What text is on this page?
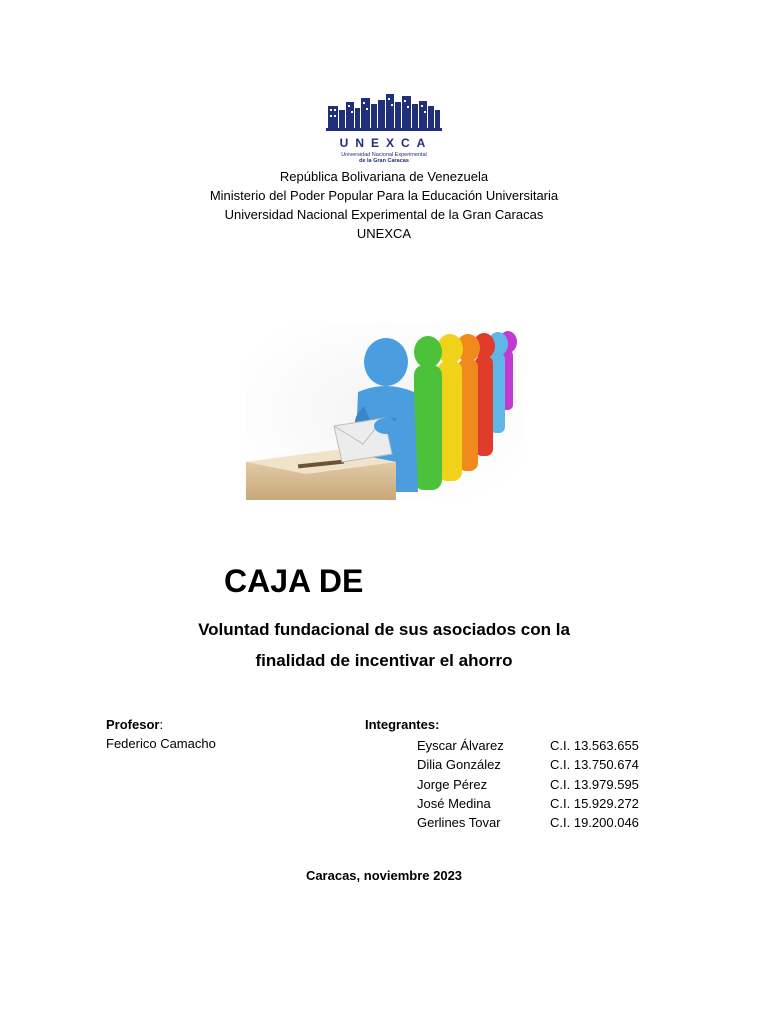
UNEXCA
Universidad Nacional Experimental
de la Gran Caracas
República Bolivariana de Venezuela
Ministerio del Poder Popular Para la Educación Universitaria
Universidad Nacional Experimental de la Gran Caracas
UNEXCA
CAJA DE
Voluntad fundacional de sus asociados con la
finalidad de incentivar el ahorro
Profesor:
Federico Camacho
Integrantes:
Eyscar Álvarez	C.I. 13.563.655
Dilia González	C.I. 13.750.674
Jorge Pérez	C.I. 13.979.595
José Medina	C.I. 15.929.272
Gerlines Tovar	C.I. 19.200.046
Caracas, noviembre 2023
